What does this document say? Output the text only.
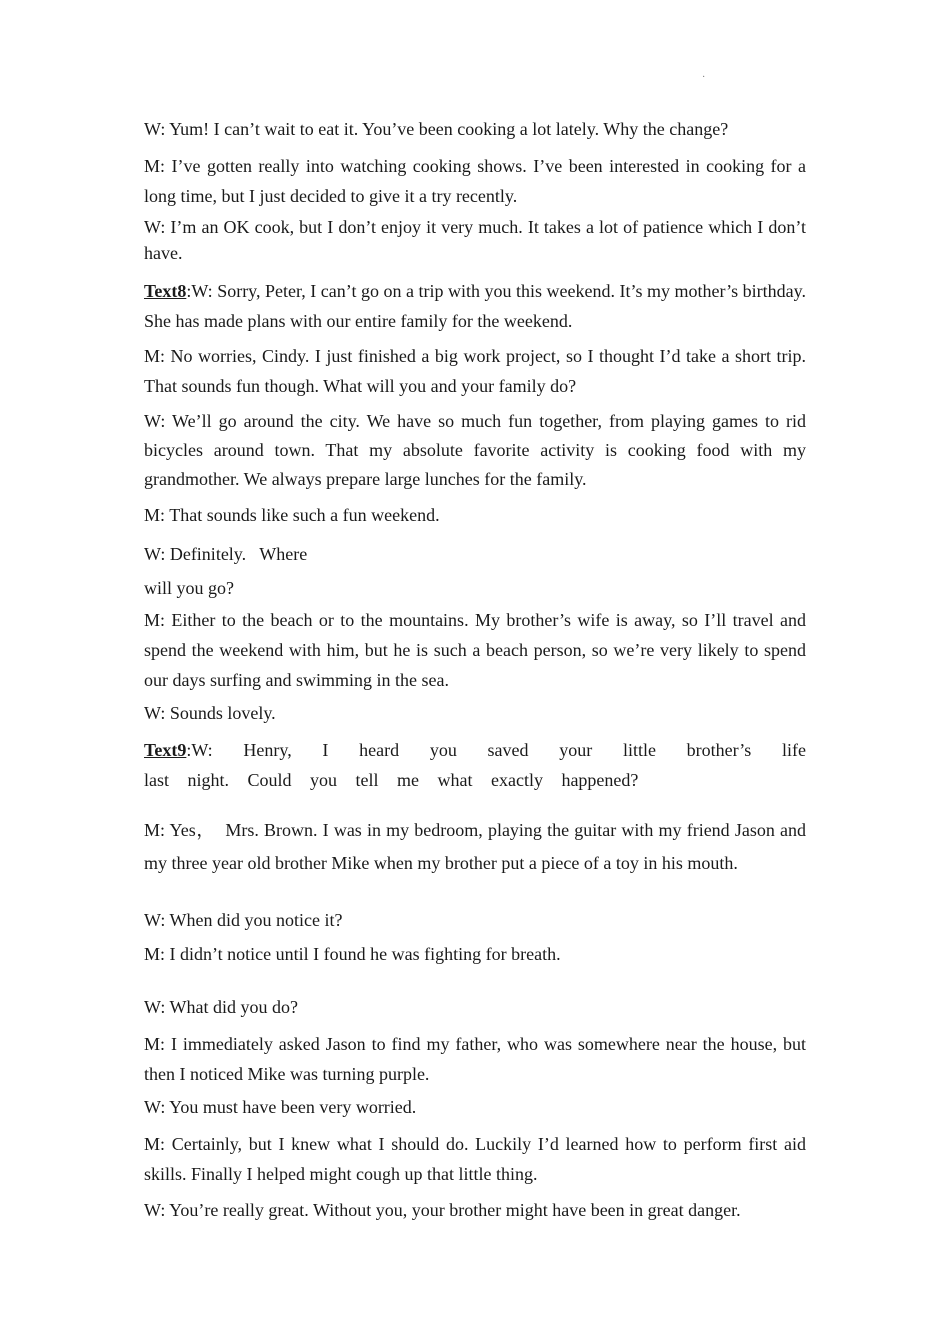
·

W: Yum! I can’t wait to eat it. You’ve been cooking a lot lately. Why the change?

M: I’ve gotten really into watching cooking shows. I’ve been interested in cooking for a long time, but I just decided to give it a try recently.

W: I’m an OK cook, but I don’t enjoy it very much. It takes a lot of patience which I don’t have.

Text8:W: Sorry, Peter, I can’t go on a trip with you this weekend. It’s my mother’s birthday. She has made plans with our entire family for the weekend.

M: No worries, Cindy. I just finished a big work project, so I thought I’d take a short trip. That sounds fun though. What will you and your family do?

W: We’ll go around the city. We have so much fun together, from playing games to rid bicycles around town. That my absolute favorite activity is cooking food with my grandmother. We always prepare large lunches for the family.

M: That sounds like such a fun weekend.

W: Definitely.   Where

will you go?

M: Either to the beach or to the mountains. My brother’s wife is away, so I’ll travel and spend the weekend with him, but he is such a beach person, so we’re very likely to spend our days surfing and swimming in the sea.

W: Sounds lovely.

Text9:W: Henry, I heard you saved your little brother’s life

last night. Could you tell me what exactly happened?

M: Yes，  Mrs. Brown. I was in my bedroom, playing the guitar with my friend Jason and my three year old brother Mike when my brother put a piece of a toy in his mouth.

W: When did you notice it?

M: I didn’t notice until I found he was fighting for breath.

W: What did you do?

M: I immediately asked Jason to find my father, who was somewhere near the house, but then I noticed Mike was turning purple.

W: You must have been very worried.

M: Certainly, but I knew what I should do. Luckily I’d learned how to perform first aid skills. Finally I helped might cough up that little thing.

W: You’re really great. Without you, your brother might have been in great danger.
